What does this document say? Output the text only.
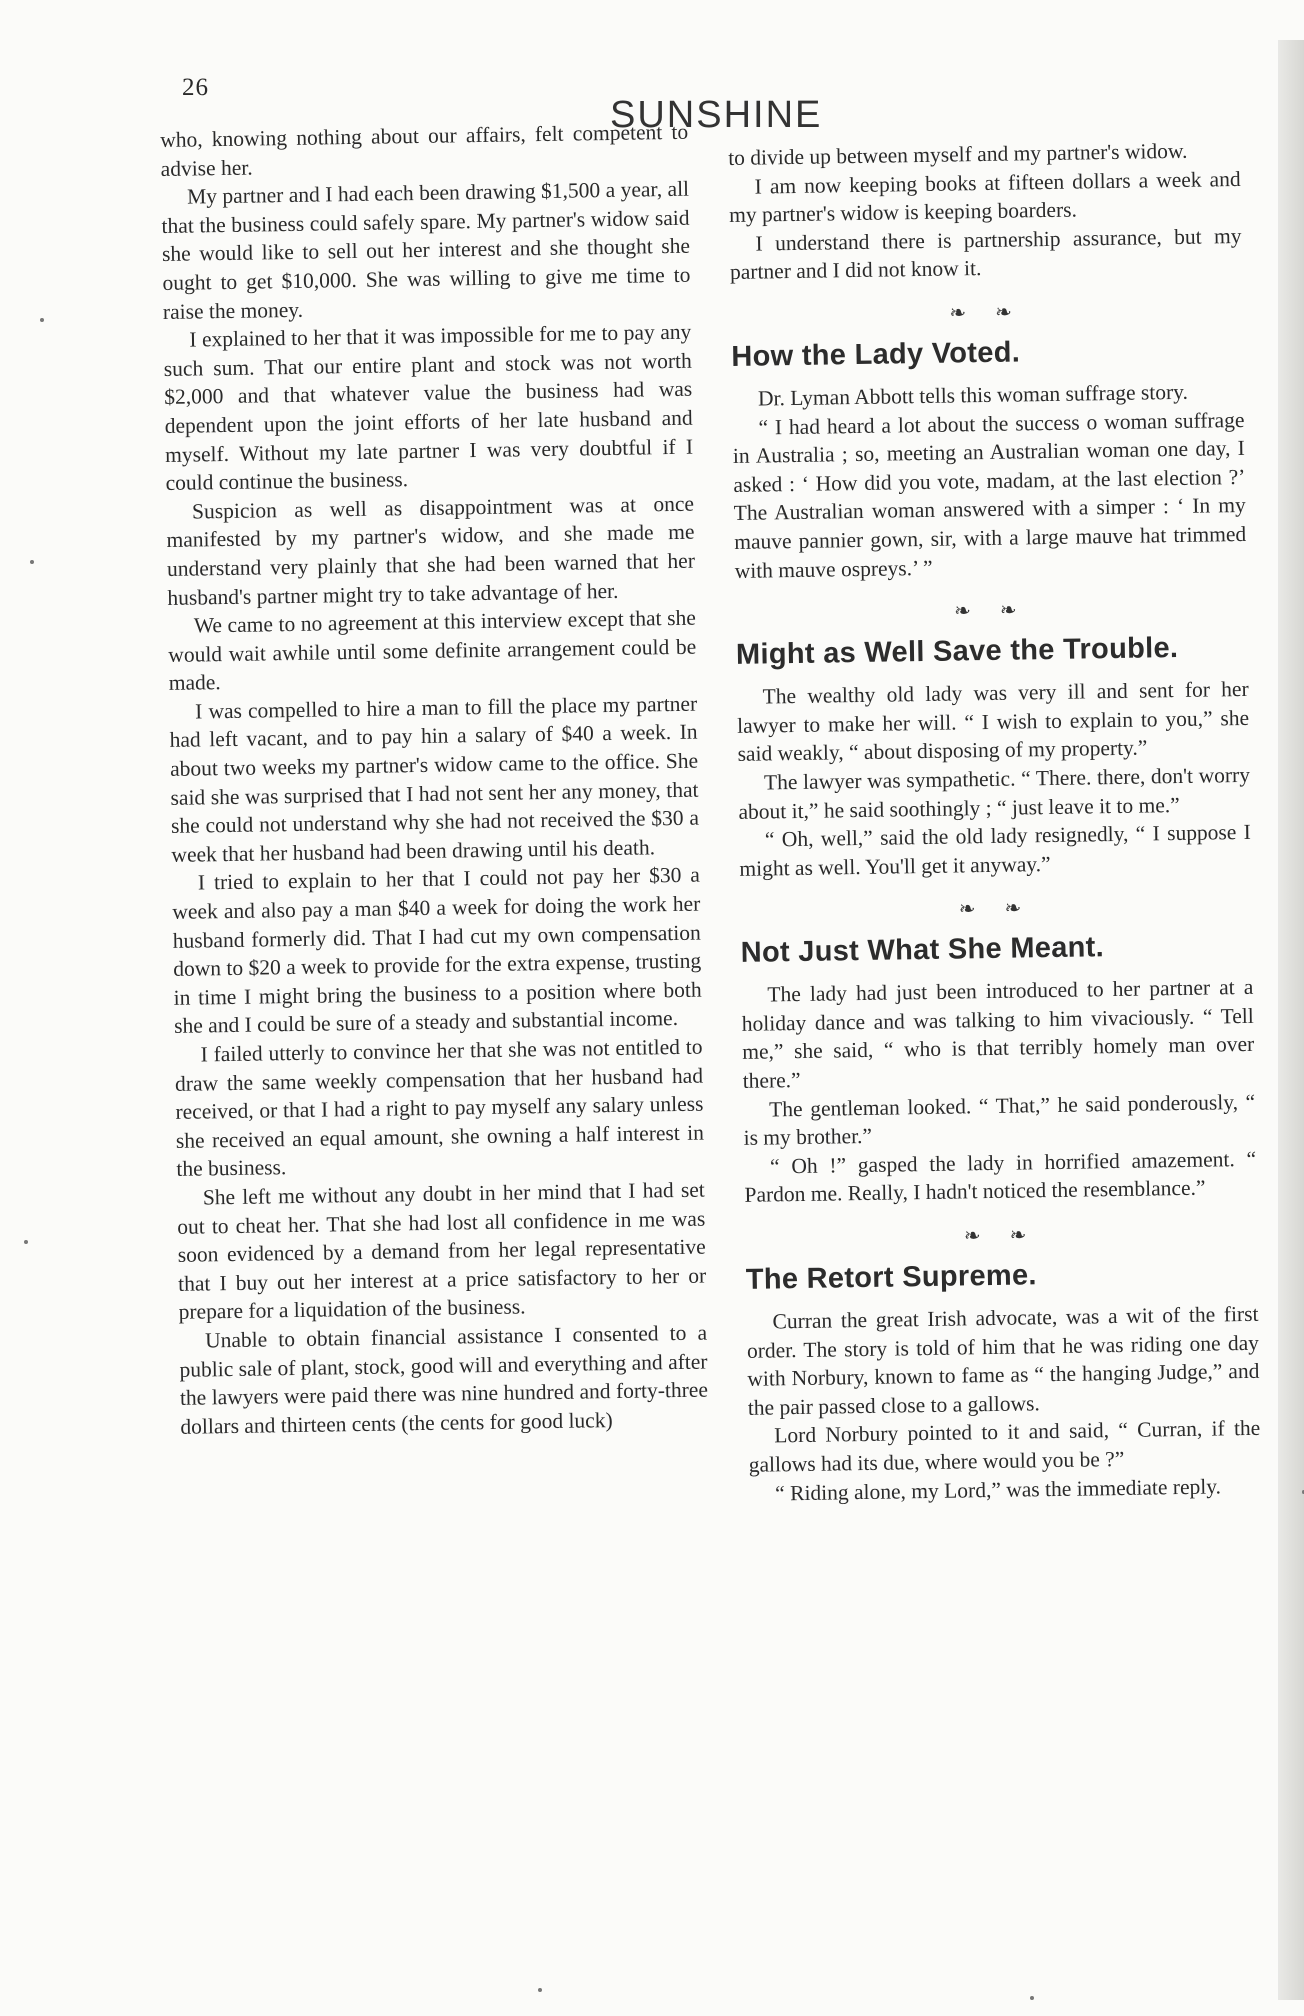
26
SUNSHINE

who, knowing nothing about our affairs, felt competent to advise her.

My partner and I had each been drawing $1,500 a year, all that the business could safely spare. My partner's widow said she would like to sell out her interest and she thought she ought to get $10,000. She was willing to give me time to raise the money.

I explained to her that it was impossible for me to pay any such sum. That our entire plant and stock was not worth $2,000 and that whatever value the business had was dependent upon the joint efforts of her late husband and myself. Without my late partner I was very doubtful if I could continue the business.

Suspicion as well as disappointment was at once manifested by my partner's widow, and she made me understand very plainly that she had been warned that her husband's partner might try to take advantage of her.

We came to no agreement at this interview except that she would wait awhile until some definite arrangement could be made.

I was compelled to hire a man to fill the place my partner had left vacant, and to pay hin a salary of $40 a week. In about two weeks my partner's widow came to the office. She said she was surprised that I had not sent her any money, that she could not understand why she had not received the $30 a week that her husband had been drawing until his death.

I tried to explain to her that I could not pay her $30 a week and also pay a man $40 a week for doing the work her husband formerly did. That I had cut my own compensation down to $20 a week to provide for the extra expense, trusting in time I might bring the business to a position where both she and I could be sure of a steady and substantial income.

I failed utterly to convince her that she was not entitled to draw the same weekly compensation that her husband had received, or that I had a right to pay myself any salary unless she received an equal amount, she owning a half interest in the business.

She left me without any doubt in her mind that I had set out to cheat her. That she had lost all confidence in me was soon evidenced by a demand from her legal representative that I buy out her interest at a price satisfactory to her or prepare for a liquidation of the business.

Unable to obtain financial assistance I consented to a public sale of plant, stock, good will and everything and after the lawyers were paid there was nine hundred and forty-three dollars and thirteen cents (the cents for good luck)

to divide up between myself and my partner's widow.

I am now keeping books at fifteen dollars a week and my partner's widow is keeping boarders.

I understand there is partnership assurance, but my partner and I did not know it.

❧ ❧
How the Lady Voted.

Dr. Lyman Abbott tells this woman suffrage story.

“ I had heard a lot about the success o woman suffrage in Australia ; so, meeting an Australian woman one day, I asked : ‘ How did you vote, madam, at the last election ?’ The Australian woman answered with a simper : ‘ In my mauve pannier gown, sir, with a large mauve hat trimmed with mauve ospreys.’ ”

❧ ❧
Might as Well Save the Trouble.

The wealthy old lady was very ill and sent for her lawyer to make her will. “ I wish to explain to you,” she said weakly, “ about disposing of my property.”

The lawyer was sympathetic. “ There. there, don't worry about it,” he said soothingly ; “ just leave it to me.”

“ Oh, well,” said the old lady resignedly, “ I suppose I might as well. You'll get it anyway.”

❧ ❧
Not Just What She Meant.

The lady had just been introduced to her partner at a holiday dance and was talking to him vivaciously. “ Tell me,” she said, “ who is that terribly homely man over there.”

The gentleman looked. “ That,” he said ponderously, “ is my brother.”

“ Oh !” gasped the lady in horrified amazement. “ Pardon me. Really, I hadn't noticed the resemblance.”

❧ ❧
The Retort Supreme.

Curran the great Irish advocate, was a wit of the first order. The story is told of him that he was riding one day with Norbury, known to fame as “ the hanging Judge,” and the pair passed close to a gallows.

Lord Norbury pointed to it and said, “ Curran, if the gallows had its due, where would you be ?”

“ Riding alone, my Lord,” was the immediate reply.
